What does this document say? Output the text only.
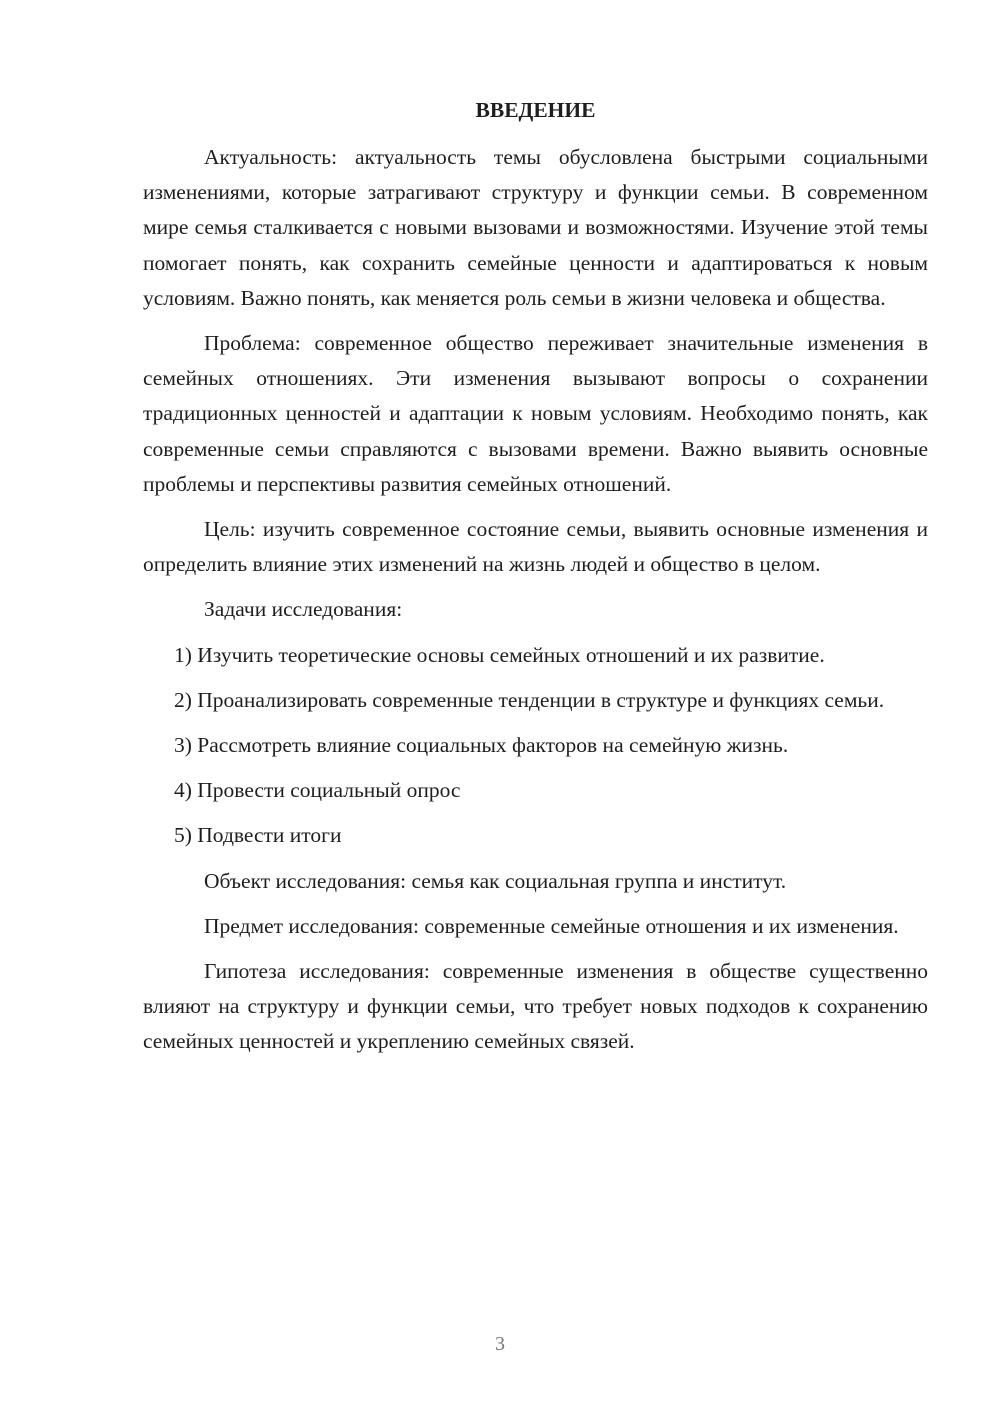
ВВЕДЕНИЕ

Актуальность: актуальность темы обусловлена быстрыми социальными изменениями, которые затрагивают структуру и функции семьи. В современном мире семья сталкивается с новыми вызовами и возможностями. Изучение этой темы помогает понять, как сохранить семейные ценности и адаптироваться к новым условиям. Важно понять, как меняется роль семьи в жизни человека и общества.

Проблема: современное общество переживает значительные изменения в семейных отношениях. Эти изменения вызывают вопросы о сохранении традиционных ценностей и адаптации к новым условиям. Необходимо понять, как современные семьи справляются с вызовами времени. Важно выявить основные проблемы и перспективы развития семейных отношений.

Цель: изучить современное состояние семьи, выявить основные изменения и определить влияние этих изменений на жизнь людей и общество в целом.

Задачи исследования:

1) Изучить теоретические основы семейных отношений и их развитие.

2) Проанализировать современные тенденции в структуре и функциях семьи.

3) Рассмотреть влияние социальных факторов на семейную жизнь.

4) Провести социальный опрос

5) Подвести итоги

Объект исследования: семья как социальная группа и институт.

Предмет исследования: современные семейные отношения и их изменения.

Гипотеза исследования: современные изменения в обществе существенно влияют на структуру и функции семьи, что требует новых подходов к сохранению семейных ценностей и укреплению семейных связей.

3
